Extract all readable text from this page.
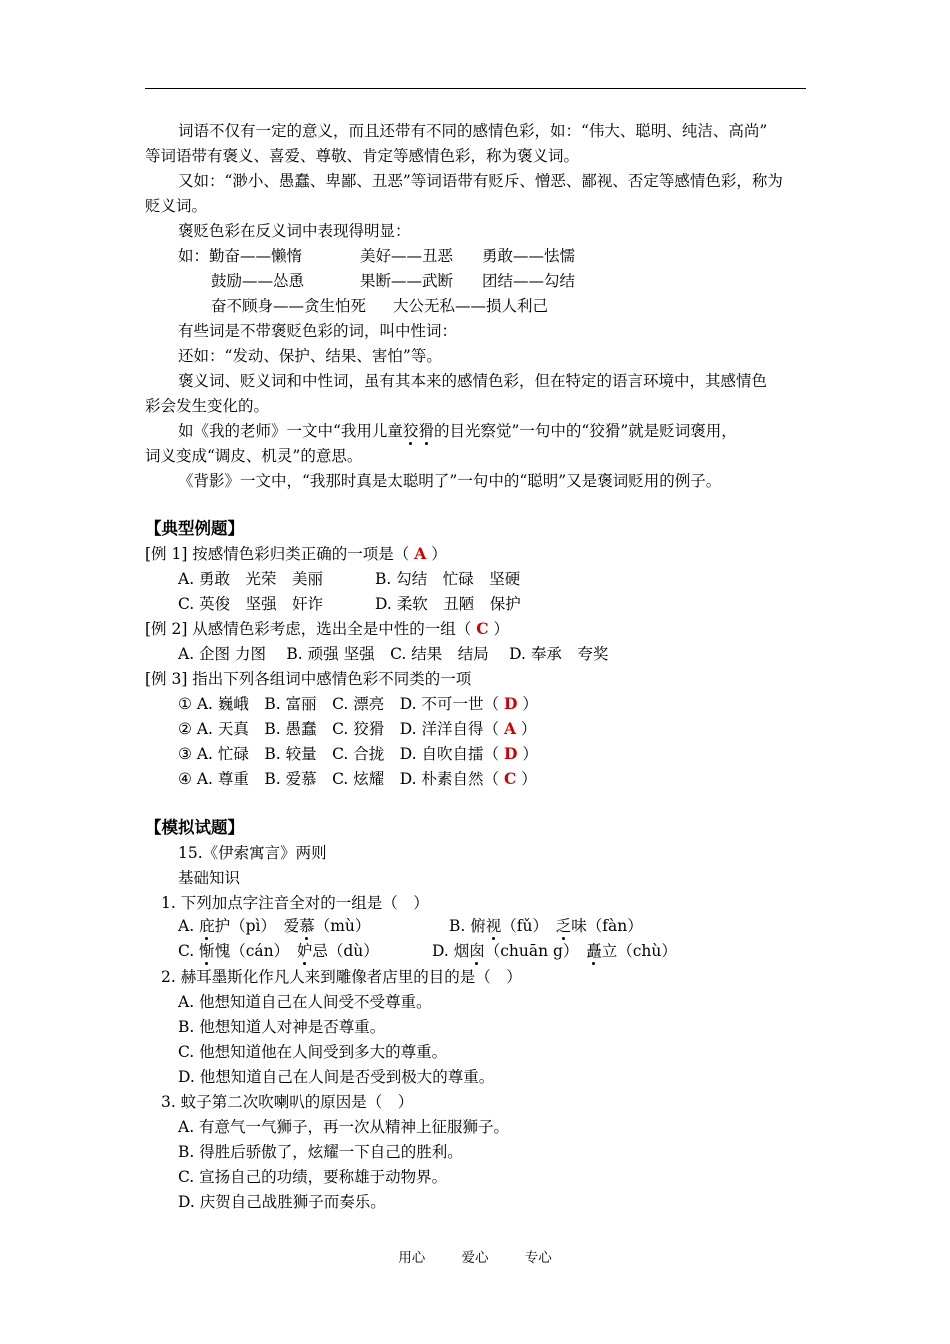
词语不仅有一定的意义，而且还带有不同的感情色彩，如：“伟大、聪明、纯洁、高尚”
等词语带有褒义、喜爱、尊敬、肯定等感情色彩，称为褒义词。
又如：“渺小、愚蠢、卑鄙、丑恶”等词语带有贬斥、憎恶、鄙视、否定等感情色彩，称为
贬义词。
褒贬色彩在反义词中表现得明显：
如：勤奋——懒惰	美好——丑恶 勇敢——怯懦
鼓励——怂恿	果断——武断 团结——勾结
奋不顾身——贪生怕死 大公无私——损人利己
有些词是不带褒贬色彩的词，叫中性词：
还如：“发动、保护、结果、害怕”等。
褒义词、贬义词和中性词，虽有其本来的感情色彩，但在特定的语言环境中，其感情色
彩会发生变化的。
如《我的老师》一文中“我用儿童狡猾的目光察觉”一句中的“狡猾”就是贬词褒用，
词义变成“调皮、机灵”的意思。
《背影》一文中，“我那时真是太聪明了”一句中的“聪明”又是褒词贬用的例子。
【典型例题】
[例 1] 按感情色彩归类正确的一项是（ A ）
A. 勇敢　光荣　美丽	B. 勾结　忙碌　坚硬
C. 英俊　坚强　奸诈	D. 柔软　丑陋　保护
[例 2] 从感情色彩考虑，选出全是中性的一组（ C ）
A. 企图 力图　 B. 顽强 坚强　C. 结果　结局　 D. 奉承　夸奖
[例 3] 指出下列各组词中感情色彩不同类的一项
① A. 巍峨　B. 富丽　C. 漂亮　D. 不可一世（ D ）
② A. 天真　B. 愚蠢　C. 狡猾　D. 洋洋自得（ A ）
③ A. 忙碌　B. 较量　C. 合拢　D. 自吹自擂（ D ）
④ A. 尊重　B. 爱慕　C. 炫耀　D. 朴素自然（ C ）
【模拟试题】
15.《伊索寓言》两则
基础知识
1. 下列加点字注音全对的一组是（　）
A. 庇护（pì）　爱慕（mù）	B. 俯视（fǔ）　乏味（fàn）
C. 惭愧（cán）　妒忌（dù）	D. 烟囱（chuān g）　矗立（chù）
2. 赫耳墨斯化作凡人来到雕像者店里的目的是（　）
A. 他想知道自己在人间受不受尊重。
B. 他想知道人对神是否尊重。
C. 他想知道他在人间受到多大的尊重。
D. 他想知道自己在人间是否受到极大的尊重。
3. 蚊子第二次吹喇叭的原因是（　）
A. 有意气一气狮子，再一次从精神上征服狮子。
B. 得胜后骄傲了，炫耀一下自己的胜利。
C. 宣扬自己的功绩，要称雄于动物界。
D. 庆贺自己战胜狮子而奏乐。
用心	爱心	专心
